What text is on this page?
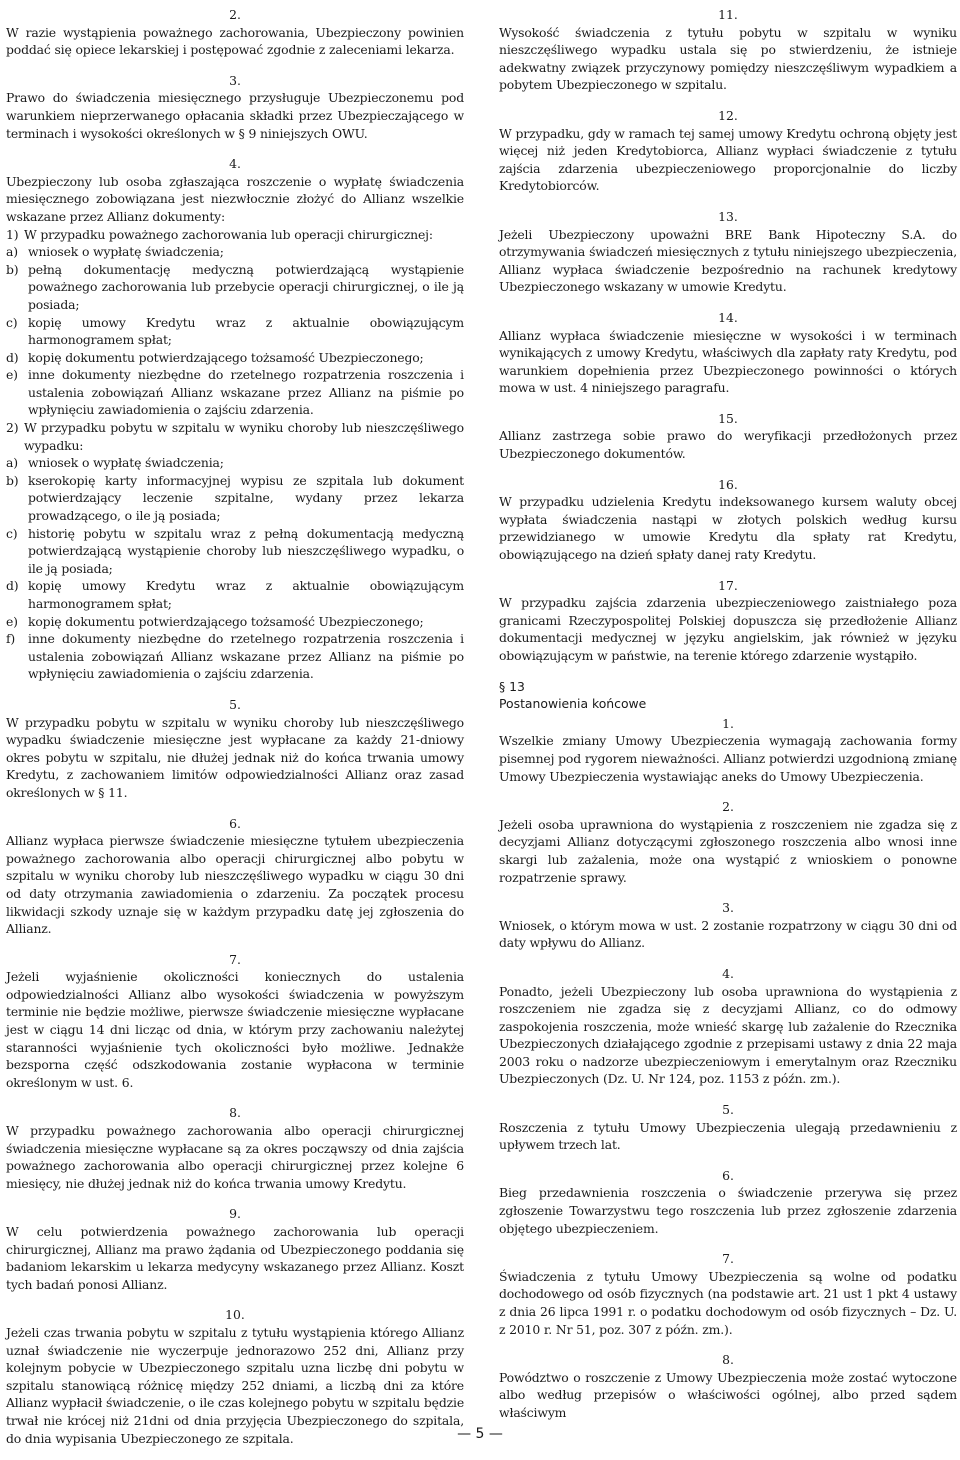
2.

W razie wystąpienia poważnego zachorowania, Ubezpieczony powinien poddać się opiece lekarskiej i postępować zgodnie z zaleceniami lekarza.

3.

Prawo do świadczenia miesięcznego przysługuje Ubezpieczonemu pod warunkiem nieprzerwanego opłacania składki przez Ubezpieczającego w terminach i wysokości określonych w § 9 niniejszych OWU.

4.

Ubezpieczony lub osoba zgłaszająca roszczenie o wypłatę świadczenia miesięcznego zobowiązana jest niezwłocznie złożyć do Allianz wszelkie wskazane przez Allianz dokumenty:

1) W przypadku poważnego zachorowania lub operacji chirurgicznej:
a) wniosek o wypłatę świadczenia;
b) pełną dokumentację medyczną potwierdzającą wystąpienie poważnego zachorowania lub przebycie operacji chirurgicznej, o ile ją posiada;
c) kopię umowy Kredytu wraz z aktualnie obowiązującym harmonogramem spłat;
d) kopię dokumentu potwierdzającego tożsamość Ubezpieczonego;
e) inne dokumenty niezbędne do rzetelnego rozpatrzenia roszczenia i ustalenia zobowiązań Allianz wskazane przez Allianz na piśmie po wpłynięciu zawiadomienia o zajściu zdarzenia.
2) W przypadku pobytu w szpitalu w wyniku choroby lub nieszczęśliwego wypadku:
a) wniosek o wypłatę świadczenia;
b) kserokopię karty informacyjnej wypisu ze szpitala lub dokument potwierdzający leczenie szpitalne, wydany przez lekarza prowadzącego, o ile ją posiada;
c) historię pobytu w szpitalu wraz z pełną dokumentacją medyczną potwierdzającą wystąpienie choroby lub nieszczęśliwego wypadku, o ile ją posiada;
d) kopię umowy Kredytu wraz z aktualnie obowiązującym harmonogramem spłat;
e) kopię dokumentu potwierdzającego tożsamość Ubezpieczonego;
f)	inne dokumenty niezbędne do rzetelnego rozpatrzenia roszczenia i ustalenia zobowiązań Allianz wskazane przez Allianz na piśmie po wpłynięciu zawiadomienia o zajściu zdarzenia.
5.

W przypadku pobytu w szpitalu w wyniku choroby lub nieszczęśliwego wypadku świadczenie miesięczne jest wypłacane za każdy 21-dniowy okres pobytu w szpitalu, nie dłużej jednak niż do końca trwania umowy Kredytu, z zachowaniem limitów odpowiedzialności Allianz oraz zasad określonych w § 11.

6.

Allianz wypłaca pierwsze świadczenie miesięczne tytułem ubezpieczenia poważnego zachorowania albo operacji chirurgicznej albo pobytu w szpitalu w wyniku choroby lub nieszczęśliwego wypadku w ciągu 30 dni od daty otrzymania zawiadomienia o zdarzeniu. Za początek procesu likwidacji szkody uznaje się w każdym przypadku datę jej zgłoszenia do Allianz.

7.

Jeżeli wyjaśnienie okoliczności koniecznych do ustalenia odpowiedzialności Allianz albo wysokości świadczenia w powyższym terminie nie będzie możliwe, pierwsze świadczenie miesięczne wypłacane jest w ciągu 14 dni licząc od dnia, w którym przy zachowaniu należytej staranności wyjaśnienie tych okoliczności było możliwe. Jednakże bezsporna część odszkodowania zostanie wypłacona w terminie określonym w ust. 6.

8.

W przypadku poważnego zachorowania albo operacji chirurgicznej świadczenia miesięczne wypłacane są za okres począwszy od dnia zajścia poważnego zachorowania albo operacji chirurgicznej przez kolejne 6 miesięcy, nie dłużej jednak niż do końca trwania umowy Kredytu.

9.

W celu potwierdzenia poważnego zachorowania lub operacji chirurgicznej, Allianz ma prawo żądania od Ubezpieczonego poddania się badaniom lekarskim u lekarza medycyny wskazanego przez Allianz. Koszt tych badań ponosi Allianz.

10.

Jeżeli czas trwania pobytu w szpitalu z tytułu wystąpienia którego Allianz uznał świadczenie nie wyczerpuje jednorazowo 252 dni, Allianz przy kolejnym pobycie w Ubezpieczonego szpitalu uzna liczbę dni pobytu w szpitalu stanowiącą różnicę między 252 dniami, a liczbą dni za które Allianz wypłacił świadczenie, o ile czas kolejnego pobytu w szpitalu będzie trwał nie krócej niż 21dni od dnia przyjęcia Ubezpieczonego do szpitala, do dnia wypisania Ubezpieczonego ze szpitala.

11.

Wysokość świadczenia z tytułu pobytu w szpitalu w wyniku nieszczęśliwego wypadku ustala się po stwierdzeniu, że istnieje adekwatny związek przyczynowy pomiędzy nieszczęśliwym wypadkiem a pobytem Ubezpieczonego w szpitalu.

12.

W przypadku, gdy w ramach tej samej umowy Kredytu ochroną objęty jest więcej niż jeden Kredytobiorca, Allianz wypłaci świadczenie z tytułu zajścia zdarzenia ubezpieczeniowego proporcjonalnie do liczby Kredytobiorców.

13.

Jeżeli Ubezpieczony upoważni BRE Bank Hipoteczny S.A. do otrzymywania świadczeń miesięcznych z tytułu niniejszego ubezpieczenia, Allianz wypłaca świadczenie bezpośrednio na rachunek kredytowy Ubezpieczonego wskazany w umowie Kredytu.

14.

Allianz wypłaca świadczenie miesięczne w wysokości i w terminach wynikających z umowy Kredytu, właściwych dla zapłaty raty Kredytu, pod warunkiem dopełnienia przez Ubezpieczonego powinności o których mowa w ust. 4 niniejszego paragrafu.

15.

Allianz zastrzega sobie prawo do weryfikacji przedłożonych przez Ubezpieczonego dokumentów.

16.

W przypadku udzielenia Kredytu indeksowanego kursem waluty obcej wypłata świadczenia nastąpi w złotych polskich według kursu przewidzianego w umowie Kredytu dla spłaty rat Kredytu, obowiązującego na dzień spłaty danej raty Kredytu.

17.

W przypadku zajścia zdarzenia ubezpieczeniowego zaistniałego poza granicami Rzeczypospolitej Polskiej dopuszcza się przedłożenie Allianz dokumentacji medycznej w języku angielskim, jak również w języku obowiązującym w państwie, na terenie którego zdarzenie wystąpiło.

§ 13

Postanowienia końcowe

1.

Wszelkie zmiany Umowy Ubezpieczenia wymagają zachowania formy pisemnej pod rygorem nieważności. Allianz potwierdzi uzgodnioną zmianę Umowy Ubezpieczenia wystawiając aneks do Umowy Ubezpieczenia.

2.

Jeżeli osoba uprawniona do wystąpienia z roszczeniem nie zgadza się z decyzjami Allianz dotyczącymi zgłoszonego roszczenia albo wnosi inne skargi lub zażalenia, może ona wystąpić z wnioskiem o ponowne rozpatrzenie sprawy.

3.

Wniosek, o którym mowa w ust. 2 zostanie rozpatrzony w ciągu 30 dni od daty wpływu do Allianz.

4.

Ponadto, jeżeli Ubezpieczony lub osoba uprawniona do wystąpienia z roszczeniem nie zgadza się z decyzjami Allianz, co do odmowy zaspokojenia roszczenia, może wnieść skargę lub zażalenie do Rzecznika Ubezpieczonych działającego zgodnie z przepisami ustawy z dnia 22 maja 2003 roku o nadzorze ubezpieczeniowym i emerytalnym oraz Rzeczniku Ubezpieczonych (Dz. U. Nr 124, poz. 1153 z późn. zm.).

5.

Roszczenia z tytułu Umowy Ubezpieczenia ulegają przedawnieniu z upływem trzech lat.

6.

Bieg przedawnienia roszczenia o świadczenie przerywa się przez zgłoszenie Towarzystwu tego roszczenia lub przez zgłoszenie zdarzenia objętego ubezpieczeniem.

7.

Świadczenia z tytułu Umowy Ubezpieczenia są wolne od podatku dochodowego od osób fizycznych (na podstawie art. 21 ust 1 pkt 4 ustawy z dnia 26 lipca 1991 r. o podatku dochodowym od osób fizycznych – Dz. U. z 2010 r. Nr 51, poz. 307 z późn. zm.).

8.

Powództwo o roszczenie z Umowy Ubezpieczenia może zostać wytoczone albo według przepisów o właściwości ogólnej, albo przed sądem właściwym

— 5 —
